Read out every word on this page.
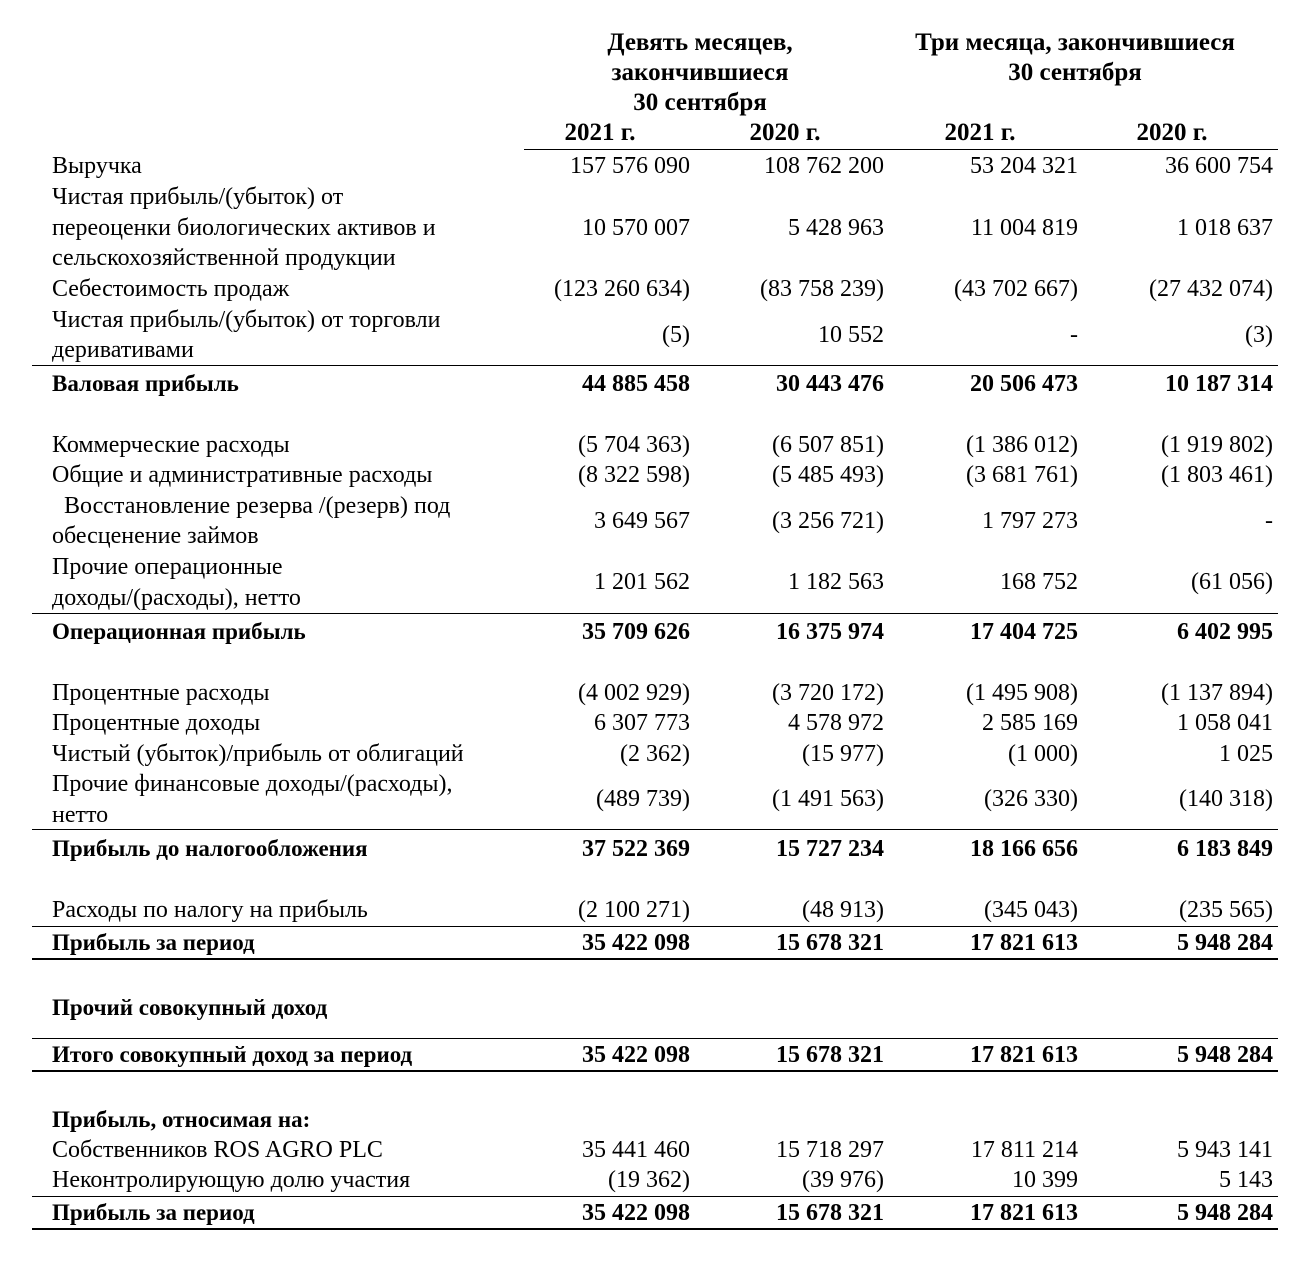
Девять месяцев,
закончившиеся
30 сентября
Три месяца, закончившиеся
30 сентября
2021 г.	2020 г.	2021 г.	2020 г.
Выручка	157 576 090	108 762 200	53 204 321	36 600 754
Чистая прибыль/(убыток) от
переоценки биологических активов и
сельскохозяйственной продукции
10 570 007	5 428 963	11 004 819	1 018 637
Себестоимость продаж	(123 260 634)	(83 758 239)	(43 702 667)	(27 432 074)
Чистая прибыль/(убыток) от торговли
деривативами
(5)	10 552	-	(3)
Валовая прибыль	44 885 458	30 443 476	20 506 473	10 187 314
Коммерческие расходы	(5 704 363)	(6 507 851)	(1 386 012)	(1 919 802)
Общие и административные расходы	(8 322 598)	(5 485 493)	(3 681 761)	(1 803 461)
Восстановление резерва /(резерв) под
обесценение займов
3 649 567	(3 256 721)	1 797 273	-
Прочие операционные
доходы/(расходы), нетто
1 201 562	1 182 563	168 752	(61 056)
Операционная прибыль	35 709 626	16 375 974	17 404 725	6 402 995
Процентные расходы	(4 002 929)	(3 720 172)	(1 495 908)	(1 137 894)
Процентные доходы	6 307 773	4 578 972	2 585 169	1 058 041
Чистый (убыток)/прибыль от облигаций	(2 362)	(15 977)	(1 000)	1 025
Прочие финансовые доходы/(расходы),
нетто
(489 739)	(1 491 563)	(326 330)	(140 318)
Прибыль до налогообложения	37 522 369	15 727 234	18 166 656	6 183 849
Расходы по налогу на прибыль	(2 100 271)	(48 913)	(345 043)	(235 565)
Прибыль за период	35 422 098	15 678 321	17 821 613	5 948 284
Прочий совокупный доход
Итого совокупный доход за период	35 422 098	15 678 321	17 821 613	5 948 284
Прибыль, относимая на:
Собственников ROS AGRO PLC	35 441 460	15 718 297	17 811 214	5 943 141
Неконтролирующую долю участия	(19 362)	(39 976)	10 399	5 143
Прибыль за период	35 422 098	15 678 321	17 821 613	5 948 284
